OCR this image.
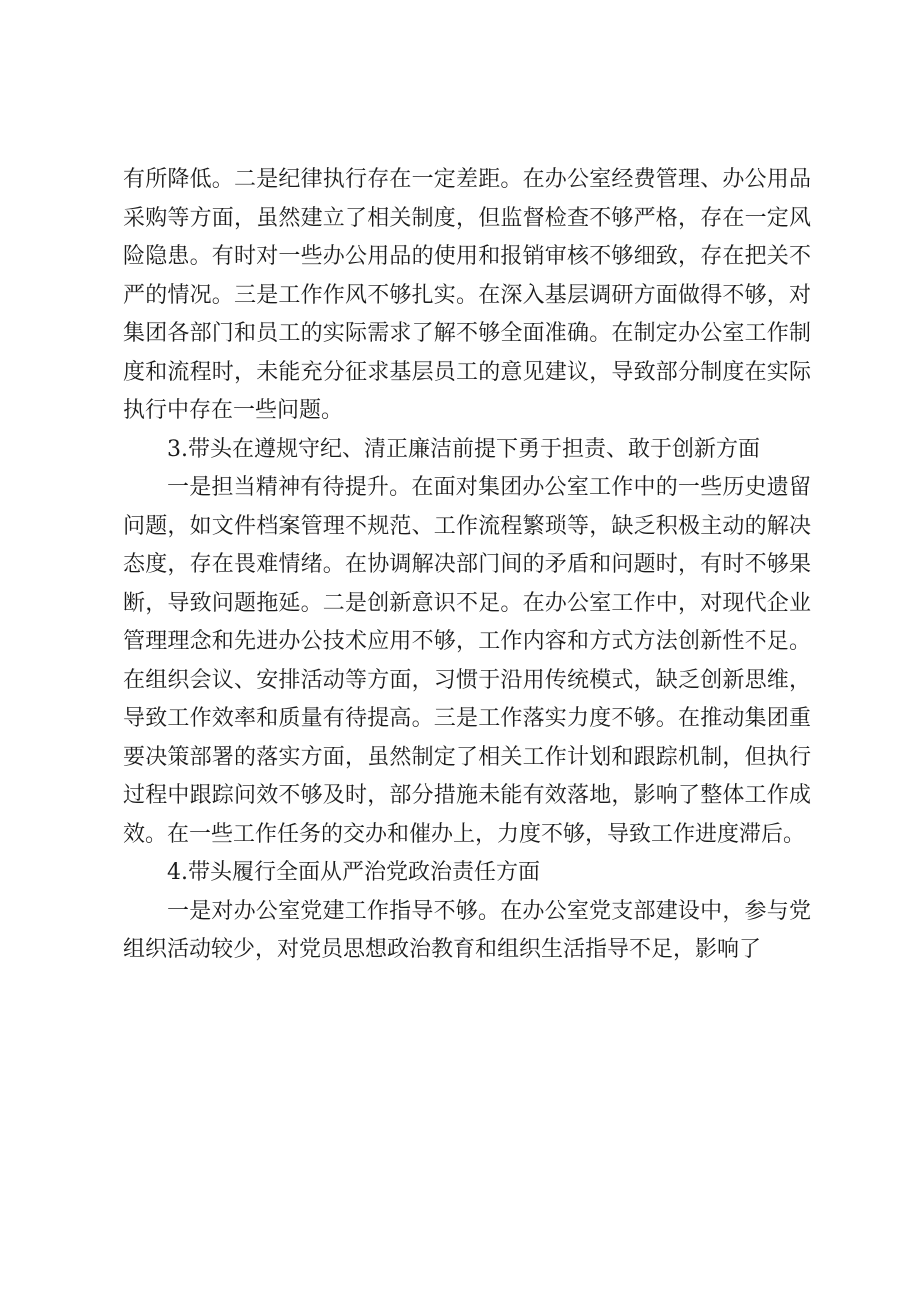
有所降低。二是纪律执行存在一定差距。在办公室经费管理、办公用品采购等方面，虽然建立了相关制度，但监督检查不够严格，存在一定风险隐患。有时对一些办公用品的使用和报销审核不够细致，存在把关不严的情况。三是工作作风不够扎实。在深入基层调研方面做得不够，对集团各部门和员工的实际需求了解不够全面准确。在制定办公室工作制度和流程时，未能充分征求基层员工的意见建议，导致部分制度在实际执行中存在一些问题。

3.带头在遵规守纪、清正廉洁前提下勇于担责、敢于创新方面

一是担当精神有待提升。在面对集团办公室工作中的一些历史遗留问题，如文件档案管理不规范、工作流程繁琐等，缺乏积极主动的解决态度，存在畏难情绪。在协调解决部门间的矛盾和问题时，有时不够果断，导致问题拖延。二是创新意识不足。在办公室工作中，对现代企业管理理念和先进办公技术应用不够，工作内容和方式方法创新性不足。在组织会议、安排活动等方面，习惯于沿用传统模式，缺乏创新思维，导致工作效率和质量有待提高。三是工作落实力度不够。在推动集团重要决策部署的落实方面，虽然制定了相关工作计划和跟踪机制，但执行过程中跟踪问效不够及时，部分措施未能有效落地，影响了整体工作成效。在一些工作任务的交办和催办上，力度不够，导致工作进度滞后。

4.带头履行全面从严治党政治责任方面

一是对办公室党建工作指导不够。在办公室党支部建设中，参与党组织活动较少，对党员思想政治教育和组织生活指导不足，影响了
